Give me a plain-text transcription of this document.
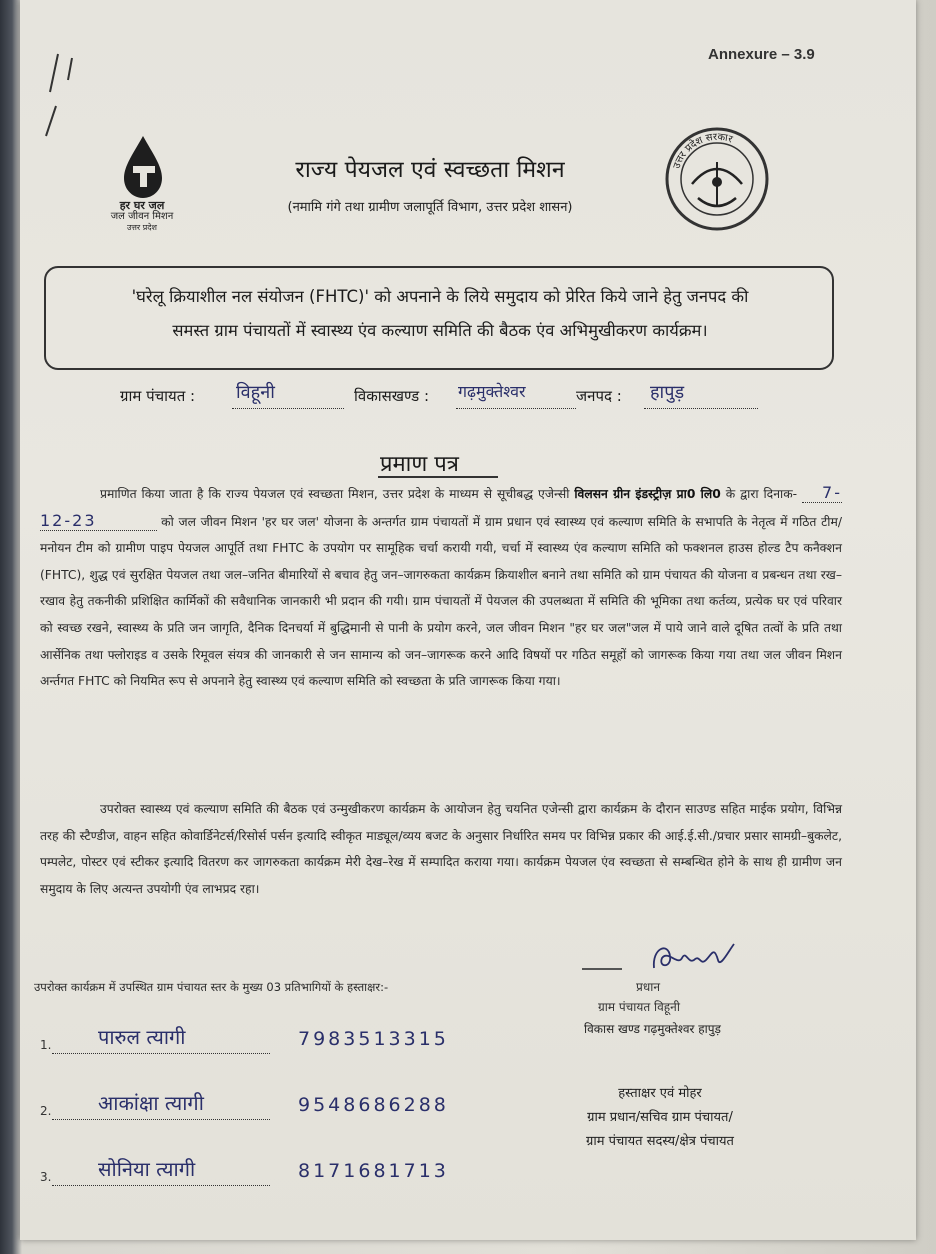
Annexure – 3.9
हर घर जल
जल जीवन मिशन
उत्तर प्रदेश
उत्तर प्रदेश सरकार
राज्य पेयजल एवं स्वच्छता मिशन
(नमामि गंगे तथा ग्रामीण जलापूर्ति विभाग, उत्तर प्रदेश शासन)
'घरेलू क्रियाशील नल संयोजन (FHTC)' को अपनाने के लिये समुदाय को प्रेरित किये जाने हेतु जनपद की
समस्त ग्राम पंचायतों में स्वास्थ्य एंव कल्याण समिति की बैठक एंव अभिमुखीकरण कार्यक्रम।
ग्राम पंचायत : विहूनी	विकासखण्ड : गढ़मुक्तेश्वर	जनपद : हापुड़
प्रमाण पत्र
प्रमाणित किया जाता है कि राज्य पेयजल एवं स्वच्छता मिशन, उत्तर प्रदेश के माध्यम से सूचीबद्ध एजेन्सी विलसन ग्रीन इंडस्ट्रीज़ प्रा0 लि0 के द्वारा दिनाक- 7-12-23	को जल जीवन मिशन 'हर घर जल' योजना के अन्तर्गत ग्राम पंचायतों में ग्राम प्रधान एवं स्वास्थ्य एवं कल्याण समिति के सभापति के नेतृत्व में गठित टीम/मनोयन टीम को ग्रामीण पाइप पेयजल आपूर्ति तथा FHTC के उपयोग पर सामूहिक चर्चा करायी गयी, चर्चा में स्वास्थ्य एंव कल्याण समिति को फक्शनल हाउस होल्ड टैप कनैक्शन (FHTC), शुद्ध एवं सुरक्षित पेयजल तथा जल–जनित बीमारियों से बचाव हेतु जन–जागरुकता कार्यक्रम क्रियाशील बनाने तथा समिति को ग्राम पंचायत की योजना व प्रबन्धन तथा रख–रखाव हेतु तकनीकी प्रशिक्षित कार्मिकों की सवैधानिक जानकारी भी प्रदान की गयी। ग्राम पंचायतों में पेयजल की उपलब्धता में समिति की भूमिका तथा कर्तव्य, प्रत्येक घर एवं परिवार को स्वच्छ रखने, स्वास्थ्य के प्रति जन जागृति, दैनिक दिनचर्या में बुद्धिमानी से पानी के प्रयोग करने, जल जीवन मिशन "हर घर जल"जल में पाये जाने वाले दूषित तत्वों के प्रति तथा आर्सेनिक तथा फ्लोराइड व उसके रिमूवल संयत्र की जानकारी से जन सामान्य को जन–जागरूक करने आदि विषयों पर गठित समूहों को जागरूक किया गया तथा जल जीवन मिशन अर्न्तगत FHTC को नियमित रूप से अपनाने हेतु स्वास्थ्य एवं कल्याण समिति को स्वच्छता के प्रति जागरूक किया गया।
उपरोक्त स्वास्थ्य एवं कल्याण समिति की बैठक एवं उन्मुखीकरण कार्यक्रम के आयोजन हेतु चयनित एजेन्सी द्वारा कार्यक्रम के दौरान साउण्ड सहित माईक प्रयोग, विभिन्न तरह की स्टैण्डीज, वाहन सहित कोवार्डिनेटर्स/रिसोर्स पर्सन इत्यादि स्वीकृत माड्यूल/व्यय बजट के अनुसार निर्धारित समय पर विभिन्न प्रकार की आई.ई.सी./प्रचार प्रसार सामग्री–बुकलेट, पम्पलेट, पोस्टर एवं स्टीकर इत्यादि वितरण कर जागरुकता कार्यक्रम मेरी देख–रेख में सम्पादित कराया गया। कार्यक्रम पेयजल एंव स्वच्छता से सम्बन्धित होने के साथ ही ग्रामीण जन समुदाय के लिए अत्यन्त उपयोगी एंव लाभप्रद रहा।
उपरोक्त कार्यक्रम में उपस्थित ग्राम पंचायत स्तर के मुख्य 03 प्रतिभागियों के हस्ताक्षर:-
1. पारुल त्यागी	7983513315
2. आकांक्षा त्यागी	9548686288
3. सोनिया त्यागी	8171681713
प्रधान
ग्राम पंचायत विहूनी
विकास खण्ड गढ़मुक्तेश्वर हापुड़
हस्ताक्षर एवं मोहर
ग्राम प्रधान/सचिव ग्राम पंचायत/
ग्राम पंचायत सदस्य/क्षेत्र पंचायत
